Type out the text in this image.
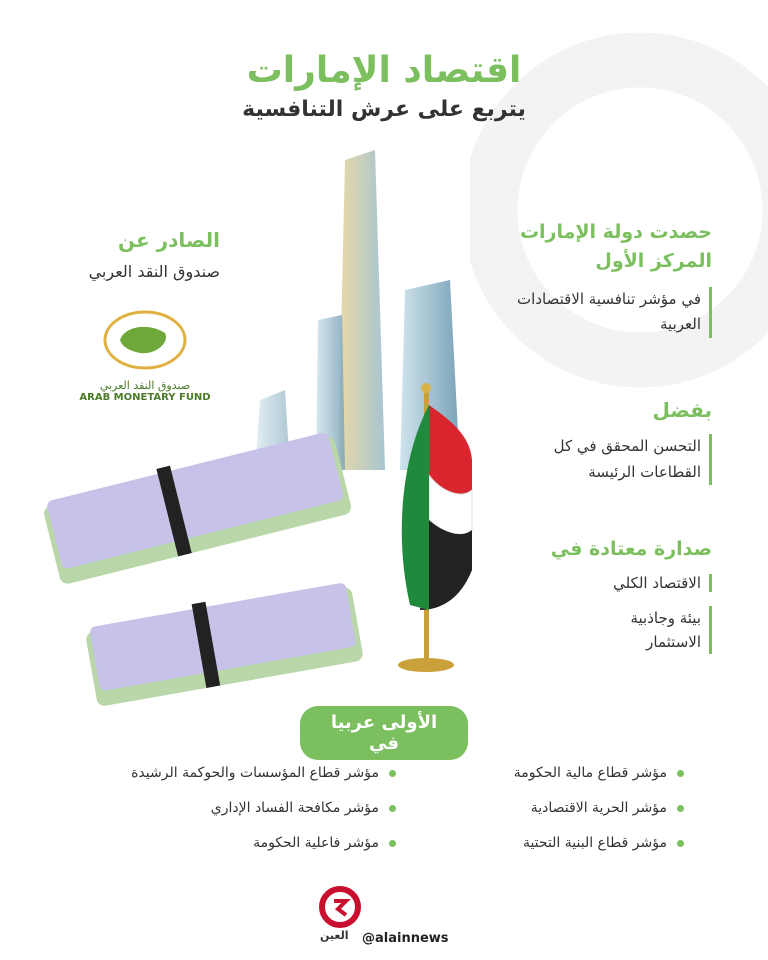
اقتصاد الإمارات
يتربع على عرش التنافسية
الصادر عن
صندوق النقد العربي
صندوق النقد العربي
ARAB MONETARY FUND
حصدت دولة الإمارات المركز الأول
في مؤشر تنافسية الاقتصادات العربية
بفضل
التحسن المحقق في كل القطاعات الرئيسة
صدارة معتادة في
الاقتصاد الكلي
بيئة وجاذبية الاستثمار
الأولى عربيا في
مؤشر قطاع مالية الحكومة
مؤشر الحرية الاقتصادية
مؤشر قطاع البنية التحتية
مؤشر قطاع المؤسسات والحوكمة الرشيدة
مؤشر مكافحة الفساد الإداري
مؤشر فاعلية الحكومة
العين @alainnews
